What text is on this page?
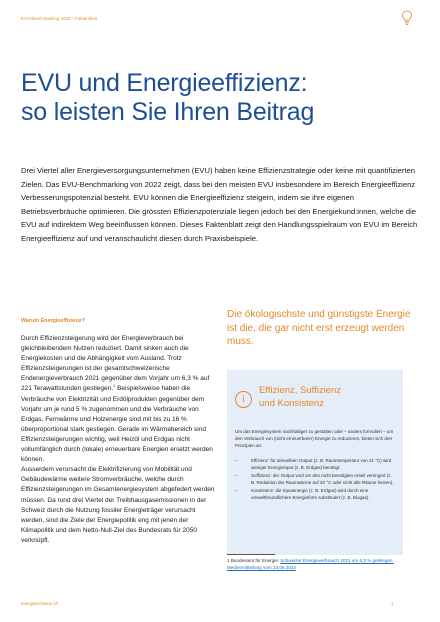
EVU-Benchmarking 2022 – Faktenblatt
EVU und Energieeffizienz:
so leisten Sie Ihren Beitrag

Drei Viertel aller Energieversorgungsunternehmen (EVU) haben keine Effizienzstrategie oder keine mit quantifizierten Zielen. Das EVU-Benchmarking von 2022 zeigt, dass bei den meisten EVU insbesondere im Bereich Energieeffizienz Verbesserungspotenzial besteht. EVU können die Energieeffizienz steigern, indem sie ihre eigenen Betriebsverbräuche optimieren. Die grössten Effizienzpotenziale liegen jedoch bei den Energiekund:innen, welche die EVU auf indirektem Weg beeinflussen können. Dieses Faktenblatt zeigt den Handlungsspielraum von EVU im Bereich Energieeffizienz auf und veranschaulicht diesen durch Praxisbeispiele.

Warum Energieeffizienz?

Durch Effizienzsteigerung wird der Energieverbrauch bei gleichbleibendem Nutzen reduziert. Damit sinken auch die Energiekosten und die Abhängigkeit vom Ausland. Trotz Effizienzsteigerungen ist der gesamtschweizerische Endenergieverbrauch 2021 gegenüber dem Vorjahr um 6,3 % auf 221 Terawattstunden gestiegen.$^1$ Beispielsweise haben die Verbräuche von Elektrizität und Erdölprodukten gegenüber dem Vorjahr um je rund 5 % zugenommen und die Verbräuche von Erdgas, Fernwärme und Holzenergie sind mit bis zu 16 % überproportional stark gestiegen. Gerade im Wärmebereich sind Effizienzsteigerungen wichtig, weil Heizöl und Erdgas nicht vollumfänglich durch (lokale) erneuerbare Energien ersetzt werden können.

Ausserdem verursacht die Elektrifizierung von Mobilität und Gebäudewärme weitere Stromverbräuche, welche durch Effizienzsteigerungen im Gesamtenergiesystem abgefedert werden müssen. Da rund drei Viertel der Treibhausgasemissionen in der Schweiz durch die Nutzung fossiler Energieträger verursacht werden, sind die Ziele der Energiepolitik eng mit jenen der Klimapolitik und dem Netto-Null-Ziel des Bundesrats für 2050 verknüpft.

Die ökologischste und günstigste Energie ist die, die gar nicht erst erzeugt werden muss.

i
Effizienz, Suffizienz
und Konsistenz

Um das Energiesystem nachhaltiger zu gestalten oder – anders formuliert – um den Verbrauch von (nicht erneuerbarer) Energie zu reduzieren, bieten sich drei Prinzipien an:

–	Effizienz: für denselben Output (z. B. Raumtemperatur von 21 °C) wird weniger Energieinput (z. B. Erdgas) benötigt.
–	Suffizienz: der Output wird um den nicht benötigten Anteil verringert (z. B. Reduktion der Raumwärme auf 20 °C oder nicht alle Räume heizen).
–	Konsistenz: die Inputenergie (z. B. Erdgas) wird durch eine umweltfreundlichere Energieform substituiert (z. B. Biogas).

1 Bundesamt für Energie: Schweizer Energieverbrauch 2021 um 6,3 % gestiegen. Medienmitteilung vom 23.06.2022

energieschweiz.ch	1
